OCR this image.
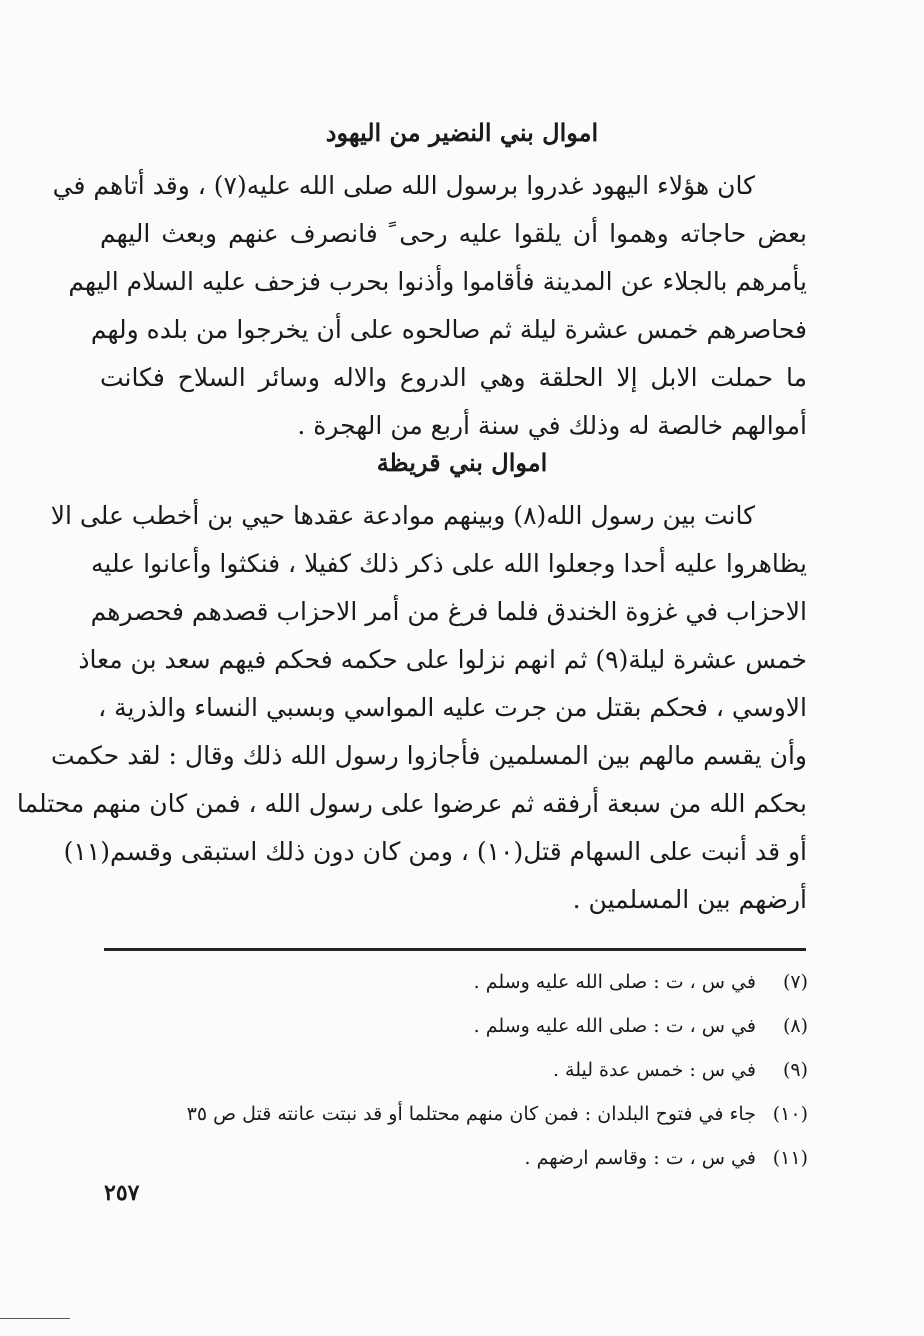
اموال بني النضير من اليهود
كان هؤلاء اليهود غدروا برسول الله صلى الله عليه(٧) ، وقد أتاهم في
بعض حاجاته وهموا أن يلقوا عليه رحى ً فانصرف عنهم وبعث اليهم
يأمرهم بالجلاء عن المدينة فأقاموا وأذنوا بحرب فزحف عليه السلام اليهم
فحاصرهم خمس عشرة ليلة ثم صالحوه على أن يخرجوا من بلده ولهم
ما حملت الابل إلا الحلقة وهي الدروع والاله وسائر السلاح فكانت
أموالهم خالصة له وذلك في سنة أربع من الهجرة .
اموال بني قريظة
كانت بين رسول الله(٨) وبينهم موادعة عقدها حيي بن أخطب على الا
يظاهروا عليه أحدا وجعلوا الله على ذكر ذلك كفيلا ، فنكثوا وأعانوا عليه
الاحزاب في غزوة الخندق فلما فرغ من أمر الاحزاب قصدهم فحصرهم
خمس عشرة ليلة(٩) ثم انهم نزلوا على حكمه فحكم فيهم سعد بن معاذ
الاوسي ، فحكم بقتل من جرت عليه المواسي وبسبي النساء والذرية ،
وأن يقسم مالهم بين المسلمين فأجازوا رسول الله ذلك وقال : لقد حكمت
بحكم الله من سبعة أرفقه ثم عرضوا على رسول الله ، فمن كان منهم محتلما
أو قد أنبت على السهام قتل(١٠) ، ومن كان دون ذلك استبقى وقسم(١١)
أرضهم بين المسلمين .
(٧) في س ، ت : صلى الله عليه وسلم .
(٨) في س ، ت : صلى الله عليه وسلم .
(٩) في س : خمس عدة ليلة .
(١٠) جاء في فتوح البلدان : فمن كان منهم محتلما أو قد نبتت عانته قتل ص ٣٥
(١١) في س ، ت : وقاسم ارضهم .
٢٥٧
